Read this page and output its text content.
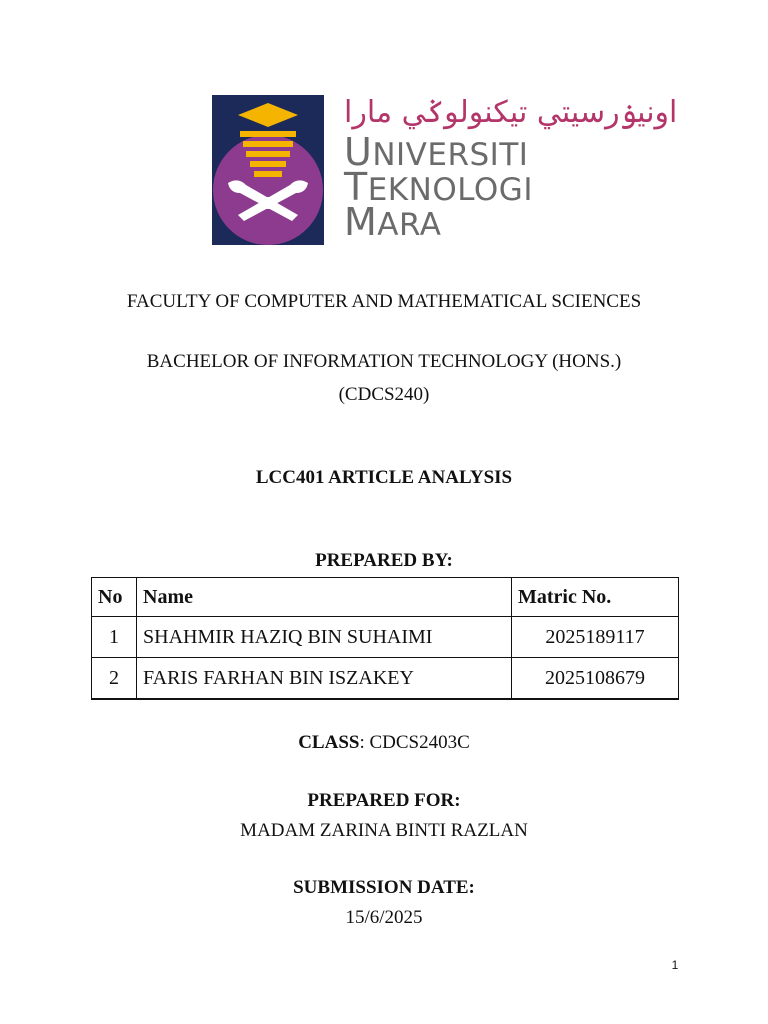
اونيۏرسيتي تيکنولوݢي مارا
UNIVERSITI
TEKNOLOGI
MARA
FACULTY OF COMPUTER AND MATHEMATICAL SCIENCES
BACHELOR OF INFORMATION TECHNOLOGY (HONS.)
(CDCS240)
LCC401 ARTICLE ANALYSIS
PREPARED BY:
No	Name	Matric No.
1	SHAHMIR HAZIQ BIN SUHAIMI	2025189117
2	FARIS FARHAN BIN ISZAKEY	2025108679
CLASS: CDCS2403C
PREPARED FOR:
MADAM ZARINA BINTI RAZLAN
SUBMISSION DATE:
15/6/2025
1
